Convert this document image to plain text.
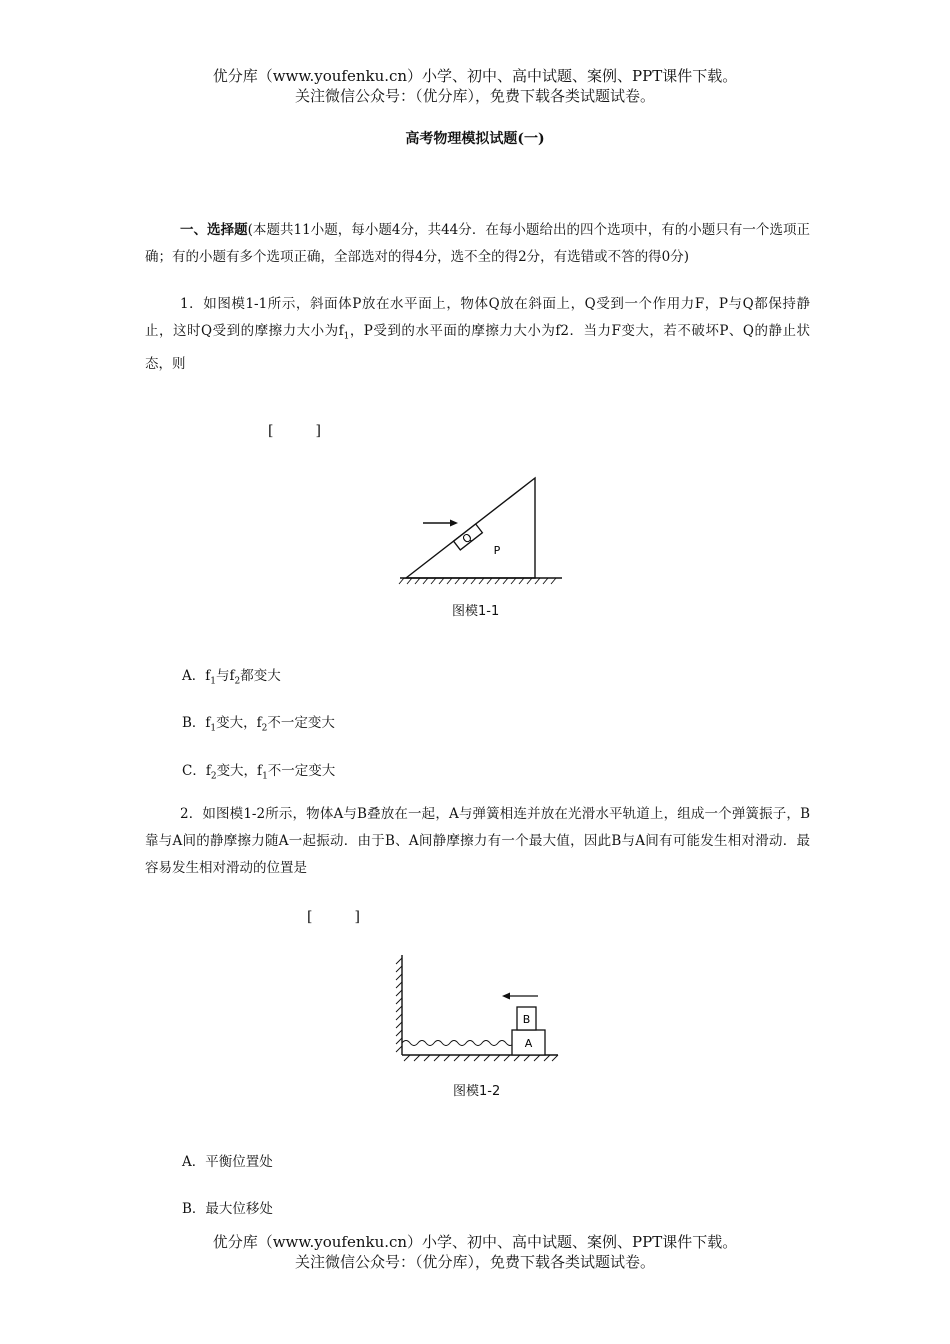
优分库（www.youfenku.cn）小学、初中、高中试题、案例、PPT课件下载。
关注微信公众号：（优分库），免费下载各类试题试卷。
高考物理模拟试题(一)
一、选择题(本题共11小题，每小题4分，共44分．在每小题给出的四个选项中，有的小题只有一个选项正确；有的小题有多个选项正确，全部选对的得4分，选不全的得2分，有选错或不答的得0分)
1．如图模1-1所示，斜面体P放在水平面上，物体Q放在斜面上，Q受到一个作用力F，P与Q都保持静止，这时Q受到的摩擦力大小为$f_1$，P受到的水平面的摩擦力大小为f2．当力F变大，若不破坏P、Q的静止状态，则
[　　　]
Q
P
图模1-1
A．$f_1$与$f_2$都变大
B．$f_1$变大，$f_2$不一定变大
C．$f_2$变大，$f_1$不一定变大
2．如图模1-2所示，物体A与B叠放在一起，A与弹簧相连并放在光滑水平轨道上，组成一个弹簧振子，B靠与A间的静摩擦力随A一起振动．由于B、A间静摩擦力有一个最大值，因此B与A间有可能发生相对滑动．最容易发生相对滑动的位置是
[　　　]
A
B
图模1-2
A．平衡位置处
B．最大位移处
优分库（www.youfenku.cn）小学、初中、高中试题、案例、PPT课件下载。
关注微信公众号：（优分库），免费下载各类试题试卷。
